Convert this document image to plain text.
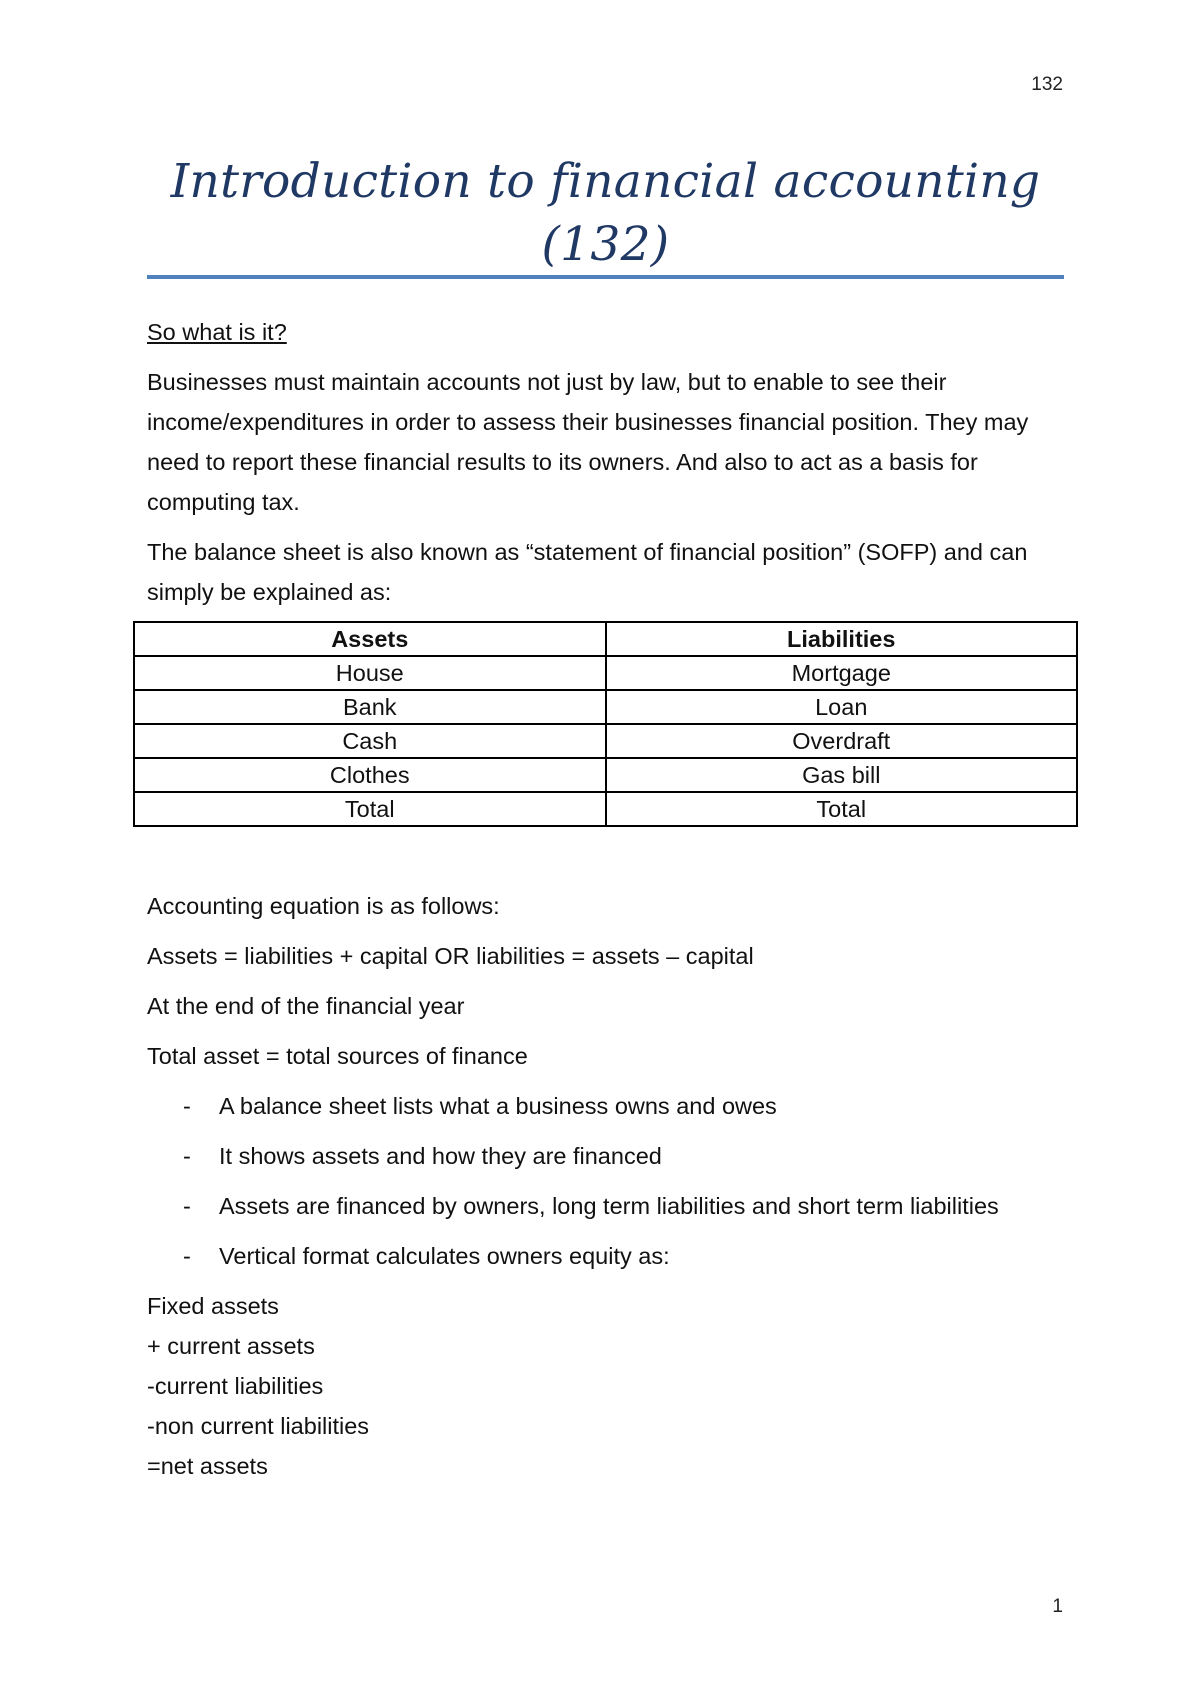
132
Introduction to financial accounting
(132)

So what is it?

Businesses must maintain accounts not just by law, but to enable to see their income/expenditures in order to assess their businesses financial position. They may need to report these financial results to its owners. And also to act as a basis for computing tax.

The balance sheet is also known as “statement of financial position” (SOFP) and can simply be explained as:

Assets	Liabilities
House	Mortgage
Bank	Loan
Cash	Overdraft
Clothes	Gas bill
Total	Total

Accounting equation is as follows:

Assets = liabilities + capital OR liabilities = assets – capital

At the end of the financial year

Total asset = total sources of finance

- A balance sheet lists what a business owns and owes
- It shows assets and how they are financed
- Assets are financed by owners, long term liabilities and short term liabilities
- Vertical format calculates owners equity as:
Fixed assets
+ current assets
-current liabilities
-non current liabilities
=net assets
1
